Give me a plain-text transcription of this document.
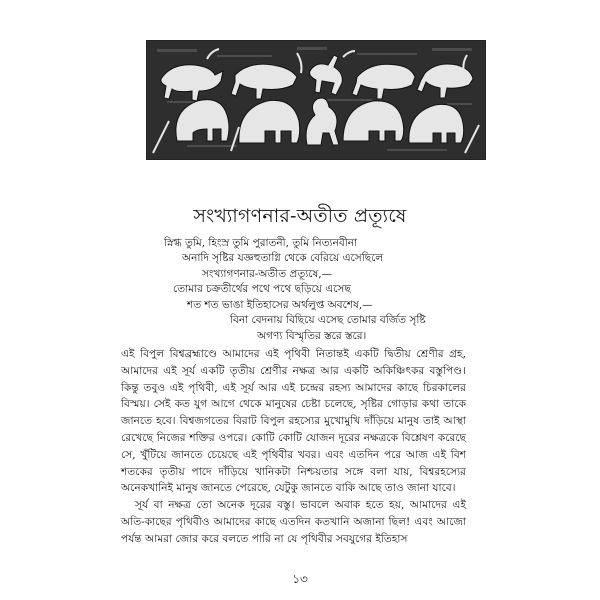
সংখ্যাগণনার-অতীত প্রত্যূষে
স্নিগ্ধ তুমি, হিংস্র তুমি পুরাতনী, তুমি নিত্যনবীনা
অনাদি সৃষ্টির যজ্ঞহুতাগ্নি থেকে বেরিয়ে এসেছিলে
সংখ্যাগণনার-অতীত প্রত্যূষে,—
তোমার চক্রতীর্থের পথে পথে ছড়িয়ে এসেছ
শত শত ভাঙা ইতিহাসের অর্থলুপ্ত অবশেষ,—
বিনা বেদনায় বিছিয়ে এসেছ তোমার বর্জিত সৃষ্টি
অগণ্য বিস্মৃতির স্তরে স্তরে।

এই বিপুল বিশ্বব্রহ্মাণ্ডে আমাদের এই পৃথিবী নিতান্তই একটি দ্বিতীয় শ্রেণীর গ্রহ, আমাদের এই সূর্য একটি তৃতীয় শ্রেণীর নক্ষত্র আর একটি অকিঞ্চিৎকর বস্তুপিণ্ড। কিন্তু তবুও এই পৃথিবী, এই সূর্য আর এই চন্দ্রের রহস্য আমাদের কাছে চিরকালের বিস্ময়। সেই কত যুগ আগে থেকে মানুষের চেষ্টা চলেছে, সৃষ্টির গোড়ার কথা তাকে জানতে হবে। বিশ্বজগতের বিরাট বিপুল রহস্যের মুখোমুখি দাঁড়িয়ে মানুষ তাই আস্থা রেখেছে নিজের শক্তির ওপরে। কোটি কোটি যোজন দূরের নক্ষত্রকে বিশ্লেষণ করেছে সে, খুঁটিয়ে জানতে চেয়েছে এই পৃথিবীর খবর। এবং এতদিন পরে আজ এই বিশ শতকের তৃতীয় পাদে দাঁড়িয়ে খানিকটা নিশ্চয়তার সঙ্গে বলা যায়, বিশ্বরহস্যের অনেকখানিই মানুষ জানতে পেরেছে, যেটুকু জানতে বাকি আছে তাও জানা যাবে।

সূর্য বা নক্ষত্র তো অনেক দূরের বস্তু। ভাবলে অবাক হতে হয়, আমাদের এই অতি-কাছের পৃথিবীও আমাদের কাছে এতদিন কতখানি অজানা ছিল! এবং আজো পর্যন্ত আমরা জোর করে বলতে পারি না যে পৃথিবীর সবযুগের ইতিহাস

১৩
